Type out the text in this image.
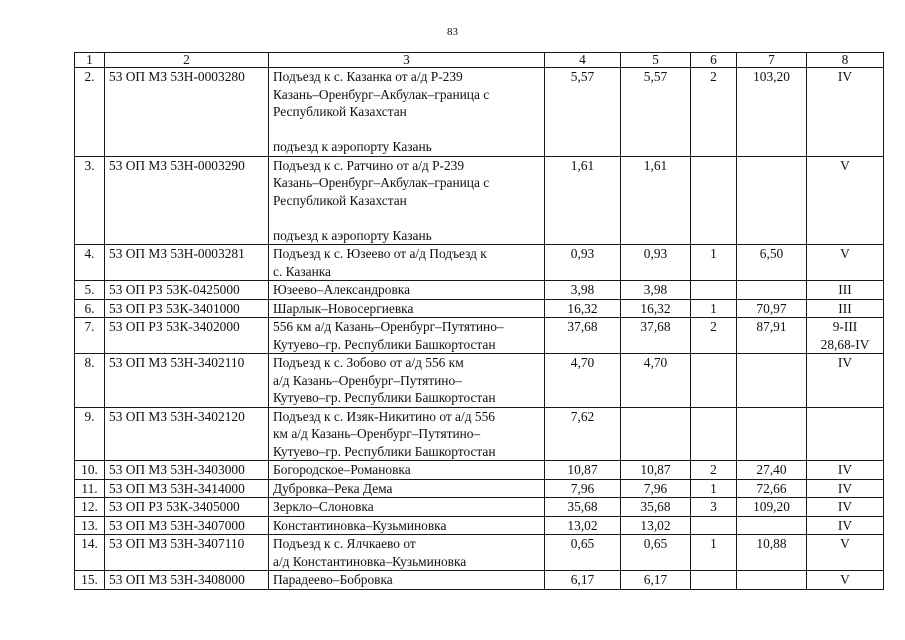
83
1	2	3	4	5	6	7	8
2.	53 ОП МЗ 53Н-0003280	Подъезд к с. Казанка от а/д Р-239
Казань–Оренбург–Акбулак–граница с
Республикой Казахстан
подъезд к аэропорту Казань	5,57	5,57	2	103,20	IV

3.	53 ОП МЗ 53Н-0003290	Подъезд к с. Ратчино от а/д Р-239
Казань–Оренбург–Акбулак–граница с
Республикой Казахстан
подъезд к аэропорту Казань	1,61	1,61			V

4.	53 ОП МЗ 53Н-0003281	Подъезд к с. Юзеево от а/д Подъезд к
с. Казанка	0,93	0,93	1	6,50	V

5.	53 ОП РЗ 53К-0425000	Юзеево–Александровка	3,98	3,98			III

6.	53 ОП РЗ 53К-3401000	Шарлык–Новосергиевка	16,32	16,32	1	70,97	III

7.	53 ОП РЗ 53К-3402000	556 км а/д Казань–Оренбург–Путятино–
Кутуево–гр. Республики Башкортостан	37,68	37,68	2	87,91	9-III
28,68-IV

8.	53 ОП МЗ 53Н-3402110	Подъезд к с. Зобово от а/д 556 км
а/д Казань–Оренбург–Путятино–
Кутуево–гр. Республики Башкортостан	4,70	4,70			IV

9.	53 ОП МЗ 53Н-3402120	Подъезд к с. Изяк-Никитино от а/д 556
км а/д Казань–Оренбург–Путятино–
Кутуево–гр. Республики Башкортостан	7,62				

10.	53 ОП МЗ 53Н-3403000	Богородское–Романовка	10,87	10,87	2	27,40	IV

11.	53 ОП МЗ 53Н-3414000	Дубровка–Река Дема	7,96	7,96	1	72,66	IV

12.	53 ОП РЗ 53К-3405000	Зеркло–Слоновка	35,68	35,68	3	109,20	IV

13.	53 ОП МЗ 53Н-3407000	Константиновка–Кузьминовка	13,02	13,02			IV

14.	53 ОП МЗ 53Н-3407110	Подъезд к с. Ялчкаево от
а/д Константиновка–Кузьминовка	0,65	0,65	1	10,88	V

15.	53 ОП МЗ 53Н-3408000	Парадеево–Бобровка	6,17	6,17			V
